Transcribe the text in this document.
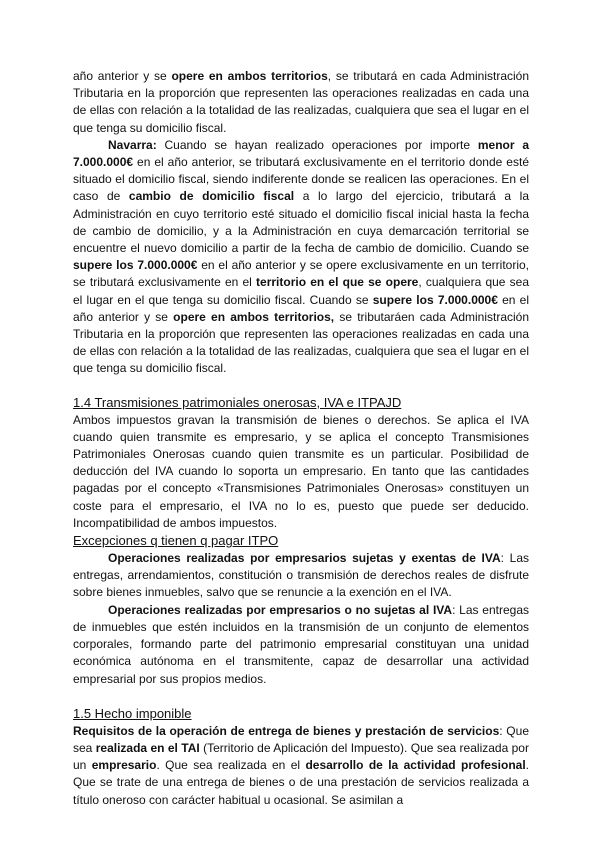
año anterior y se opere en ambos territorios, se tributará en cada Administración Tributaria en la proporción que representen las operaciones realizadas en cada una de ellas con relación a la totalidad de las realizadas, cualquiera que sea el lugar en el que tenga su domicilio fiscal.

Navarra: Cuando se hayan realizado operaciones por importe menor a 7.000.000€ en el año anterior, se tributará exclusivamente en el territorio donde esté situado el domicilio fiscal, siendo indiferente donde se realicen las operaciones. En el caso de cambio de domicilio fiscal a lo largo del ejercicio, tributará a la Administración en cuyo territorio esté situado el domicilio fiscal inicial hasta la fecha de cambio de domicilio, y a la Administración en cuya demarcación territorial se encuentre el nuevo domicilio a partir de la fecha de cambio de domicilio. Cuando se supere los 7.000.000€ en el año anterior y se opere exclusivamente en un territorio, se tributará exclusivamente en el territorio en el que se opere, cualquiera que sea el lugar en el que tenga su domicilio fiscal. Cuando se supere los 7.000.000€ en el año anterior y se opere en ambos territorios, se tributaráen cada Administración Tributaria en la proporción que representen las operaciones realizadas en cada una de ellas con relación a la totalidad de las realizadas, cualquiera que sea el lugar en el que tenga su domicilio fiscal.

1.4 Transmisiones patrimoniales onerosas, IVA e ITPAJD

Ambos impuestos gravan la transmisión de bienes o derechos. Se aplica el IVA cuando quien transmite es empresario, y se aplica el concepto Transmisiones Patrimoniales Onerosas cuando quien transmite es un particular. Posibilidad de deducción del IVA cuando lo soporta un empresario. En tanto que las cantidades pagadas por el concepto «Transmisiones Patrimoniales Onerosas» constituyen un coste para el empresario, el IVA no lo es, puesto que puede ser deducido. Incompatibilidad de ambos impuestos.

Excepciones q tienen q pagar ITPO

Operaciones realizadas por empresarios sujetas y exentas de IVA: Las entregas, arrendamientos, constitución o transmisión de derechos reales de disfrute sobre bienes inmuebles, salvo que se renuncie a la exención en el IVA.

Operaciones realizadas por empresarios o no sujetas al IVA: Las entregas de inmuebles que estén incluidos en la transmisión de un conjunto de elementos corporales, formando parte del patrimonio empresarial constituyan una unidad económica autónoma en el transmitente, capaz de desarrollar una actividad empresarial por sus propios medios.

1.5 Hecho imponible

Requisitos de la operación de entrega de bienes y prestación de servicios: Que sea realizada en el TAI (Territorio de Aplicación del Impuesto). Que sea realizada por un empresario. Que sea realizada en el desarrollo de la actividad profesional. Que se trate de una entrega de bienes o de una prestación de servicios realizada a título oneroso con carácter habitual u ocasional. Se asimilan a
